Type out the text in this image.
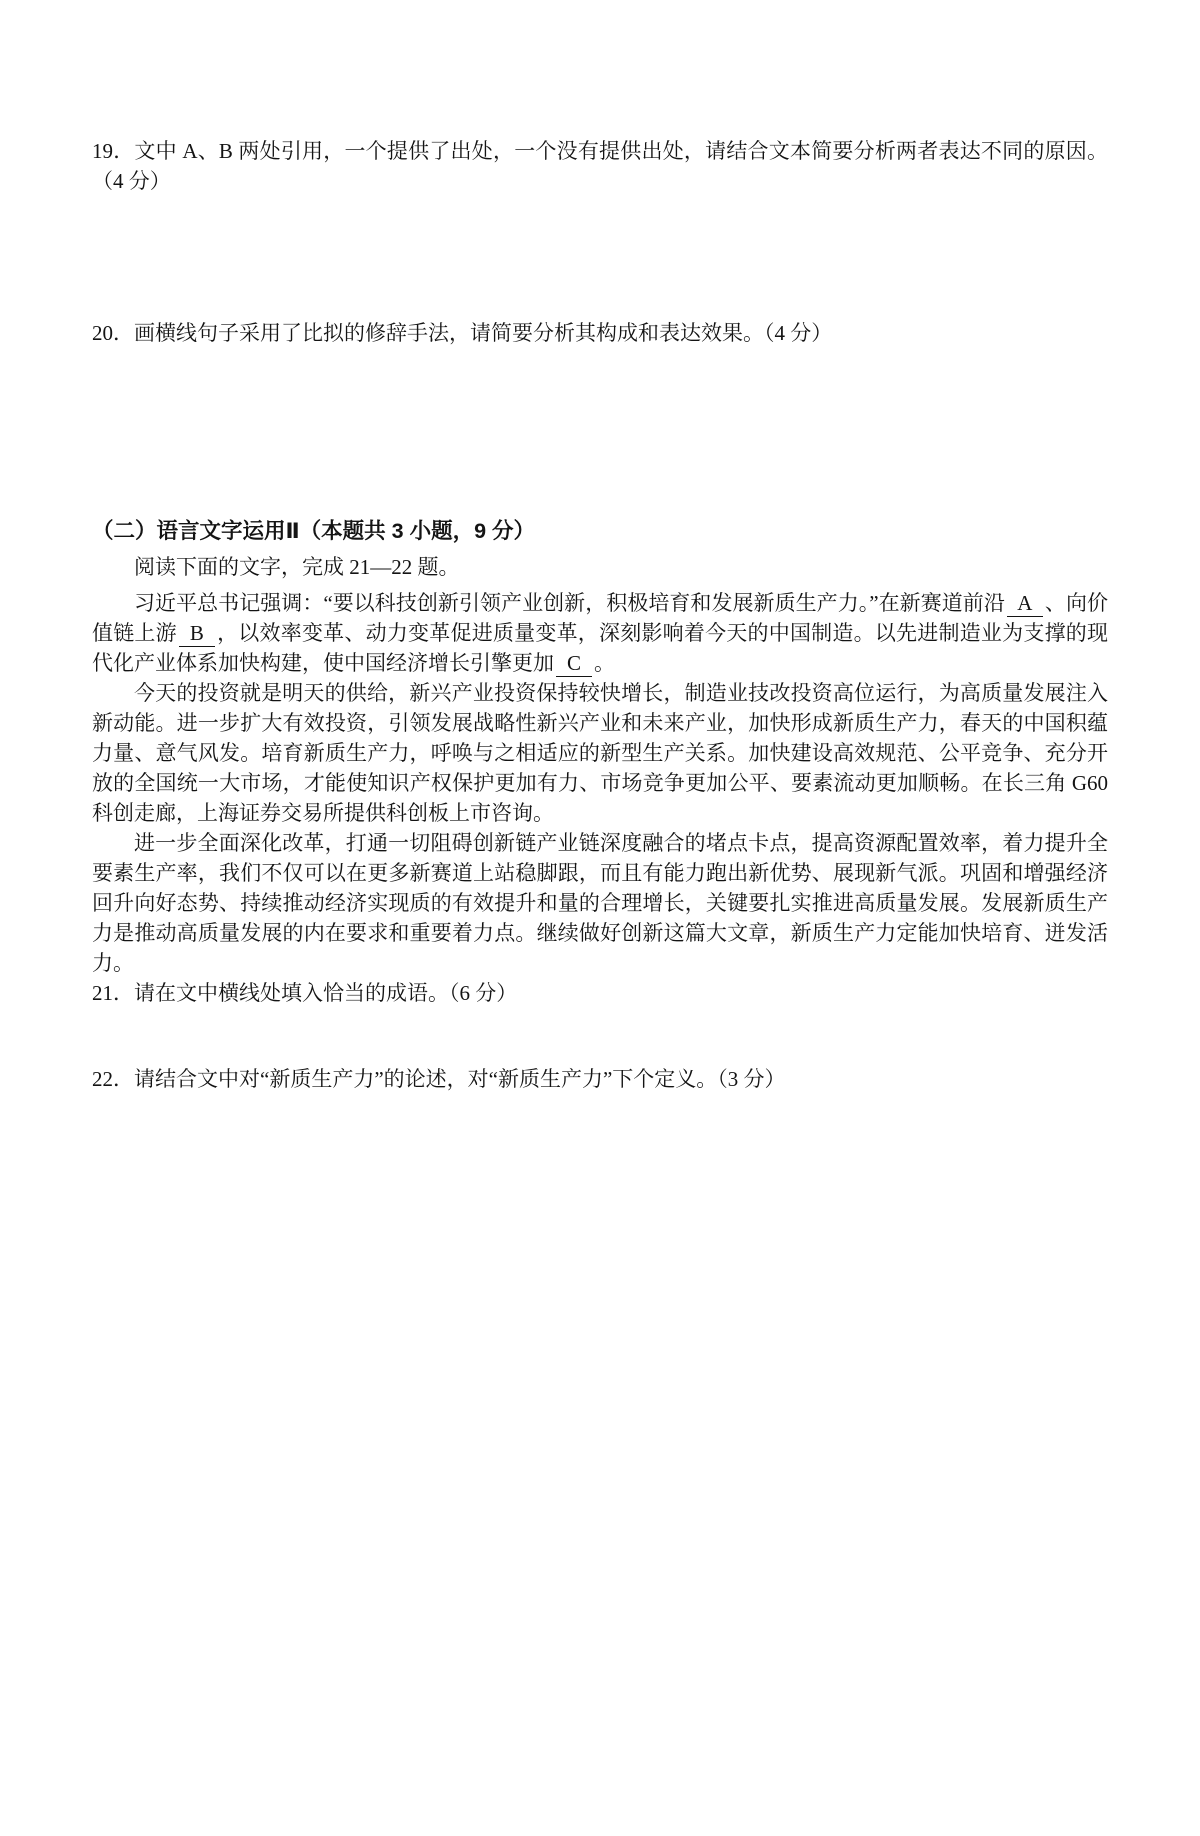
19．文中 A、B 两处引用，一个提供了出处，一个没有提供出处，请结合文本简要分析两者表达不同的原因。（4 分）

20．画横线句子采用了比拟的修辞手法，请简要分析其构成和表达效果。（4 分）

（二）语言文字运用Ⅱ（本题共 3 小题，9 分）

阅读下面的文字，完成 21—22 题。

习近平总书记强调：“要以科技创新引领产业创新，积极培育和发展新质生产力。”在新赛道前沿 A 、向价值链上游 B ，以效率变革、动力变革促进质量变革，深刻影响着今天的中国制造。以先进制造业为支撑的现代化产业体系加快构建，使中国经济增长引擎更加 C 。

今天的投资就是明天的供给，新兴产业投资保持较快增长，制造业技改投资高位运行，为高质量发展注入新动能。进一步扩大有效投资，引领发展战略性新兴产业和未来产业，加快形成新质生产力，春天的中国积蕴力量、意气风发。培育新质生产力，呼唤与之相适应的新型生产关系。加快建设高效规范、公平竞争、充分开放的全国统一大市场，才能使知识产权保护更加有力、市场竞争更加公平、要素流动更加顺畅。在长三角 G60 科创走廊，上海证券交易所提供科创板上市咨询。

进一步全面深化改革，打通一切阻碍创新链产业链深度融合的堵点卡点，提高资源配置效率，着力提升全要素生产率，我们不仅可以在更多新赛道上站稳脚跟，而且有能力跑出新优势、展现新气派。巩固和增强经济回升向好态势、持续推动经济实现质的有效提升和量的合理增长，关键要扎实推进高质量发展。发展新质生产力是推动高质量发展的内在要求和重要着力点。继续做好创新这篇大文章，新质生产力定能加快培育、迸发活力。

21．请在文中横线处填入恰当的成语。（6 分）

22．请结合文中对“新质生产力”的论述，对“新质生产力”下个定义。（3 分）
